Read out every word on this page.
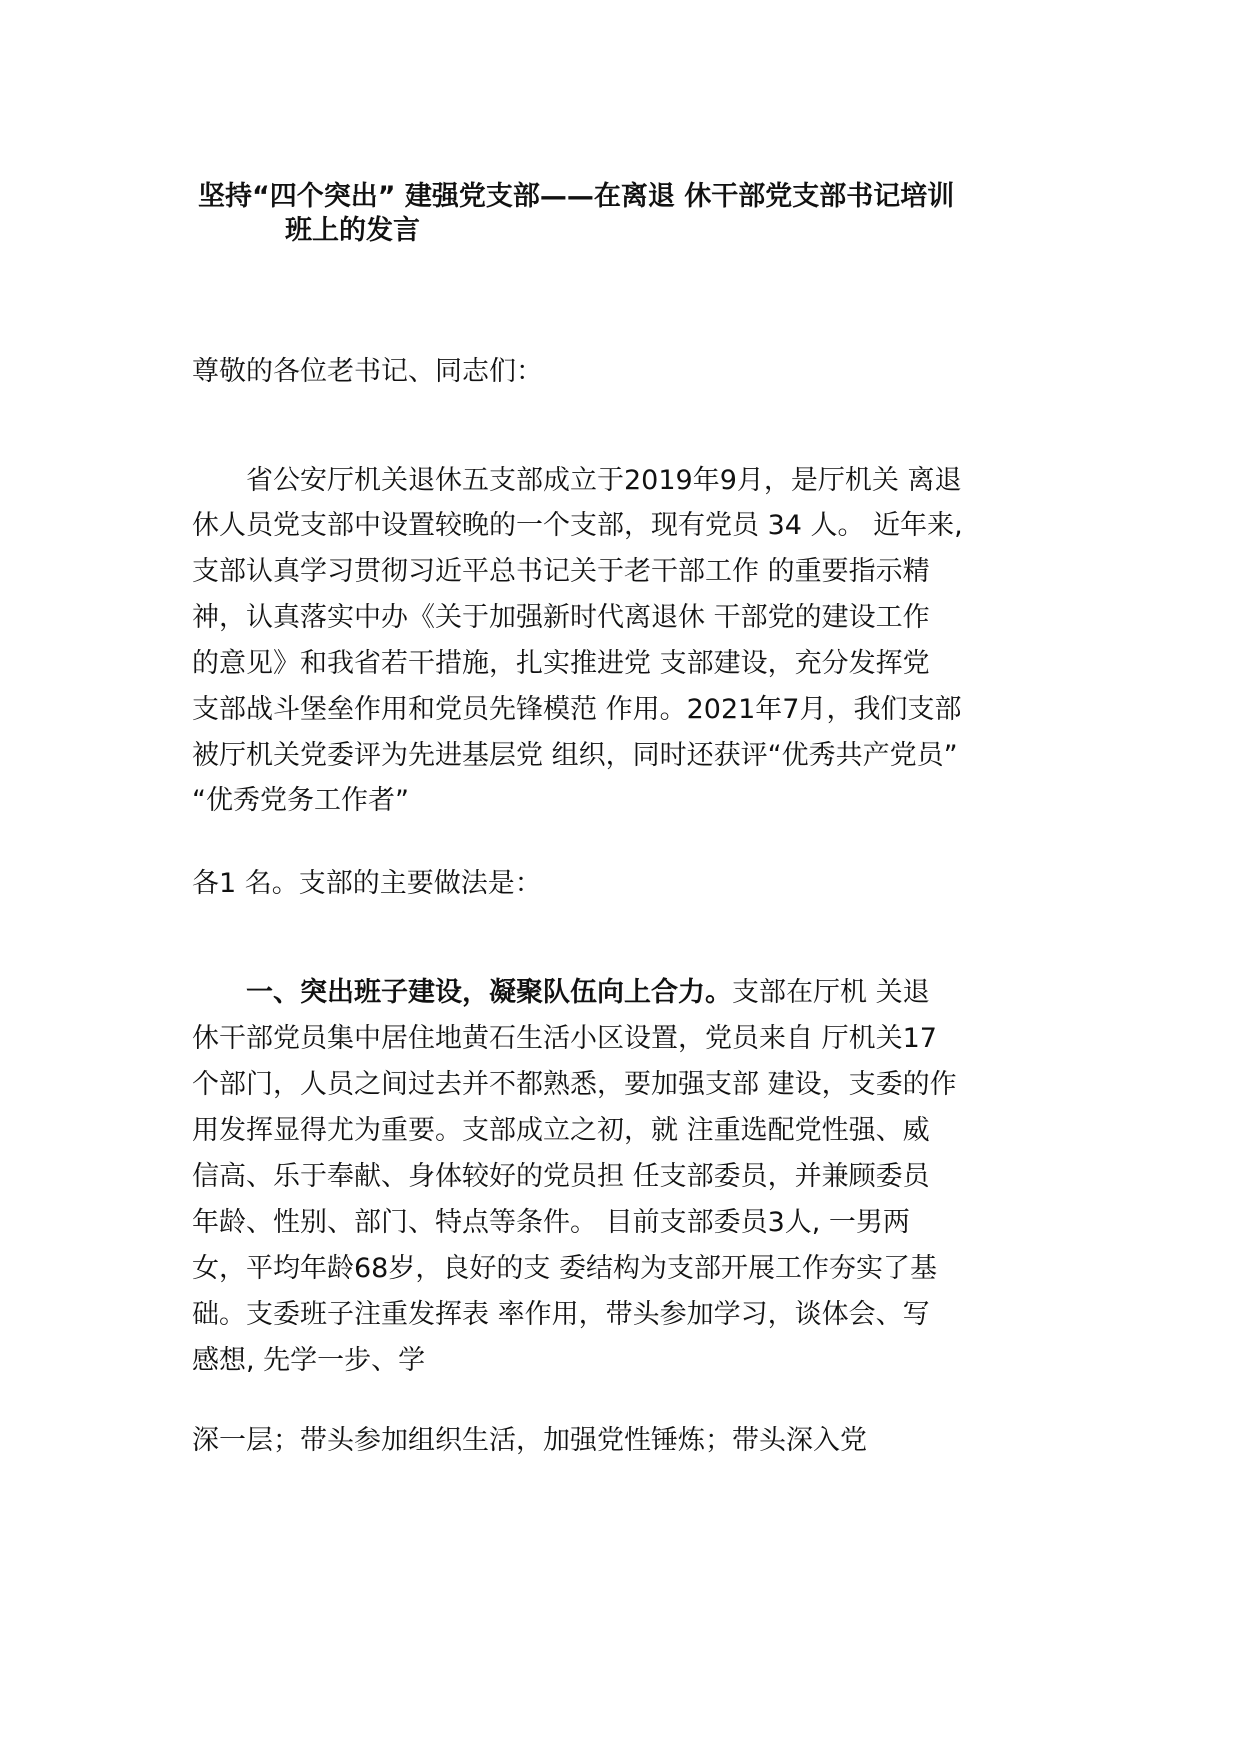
坚持“四个突出” 建强党支部——在离退 休干部党支部书记培训
班上的发言
尊敬的各位老书记、同志们：
　　省公安厅机关退休五支部成立于2019年9月，是厅机关 离退
休人员党支部中设置较晚的一个支部，现有党员 34 人。 近年来,
支部认真学习贯彻习近平总书记关于老干部工作 的重要指示精
神，认真落实中办《关于加强新时代离退休 干部党的建设工作
的意见》和我省若干措施，扎实推进党 支部建设，充分发挥党
支部战斗堡垒作用和党员先锋模范 作用。2021年7月，我们支部
被厅机关党委评为先进基层党 组织，同时还获评“优秀共产党员”
“优秀党务工作者”
各1 名。支部的主要做法是：
　　一、突出班子建设，凝聚队伍向上合力。支部在厅机 关退
休干部党员集中居住地黄石生活小区设置，党员来自 厅机关17
个部门，人员之间过去并不都熟悉，要加强支部 建设，支委的作
用发挥显得尤为重要。支部成立之初，就 注重选配党性强、威
信高、乐于奉献、身体较好的党员担 任支部委员，并兼顾委员
年龄、性别、部门、特点等条件。 目前支部委员3人, 一男两
女，平均年龄68岁，良好的支 委结构为支部开展工作夯实了基
础。支委班子注重发挥表 率作用，带头参加学习，谈体会、写
感想, 先学一步、学
深一层；带头参加组织生活，加强党性锤炼；带头深入党
